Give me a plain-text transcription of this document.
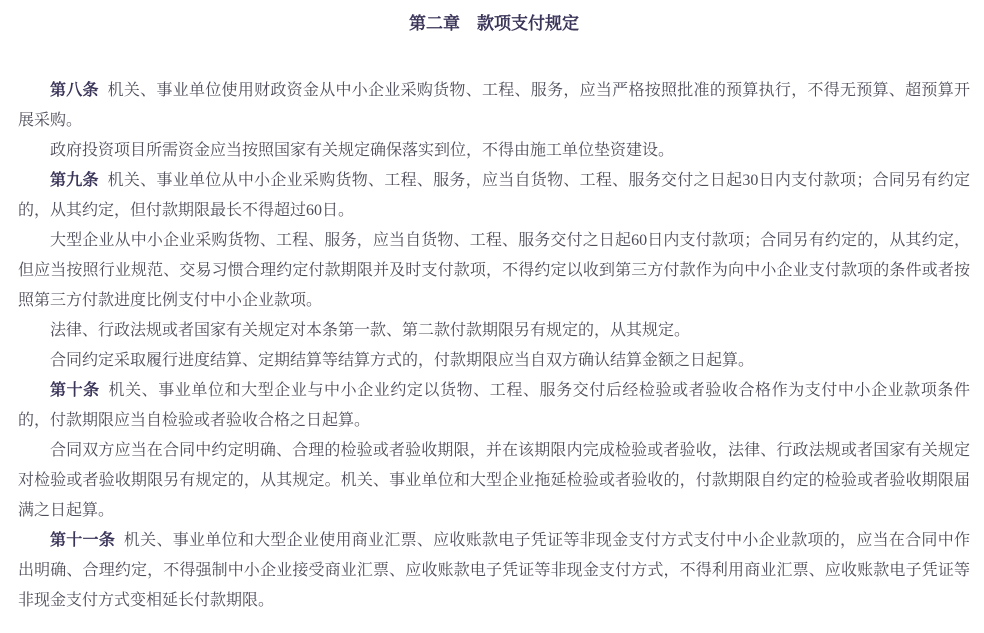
第二章　款项支付规定

第八条 机关、事业单位使用财政资金从中小企业采购货物、工程、服务，应当严格按照批准的预算执行，不得无预算、超预算开展采购。

政府投资项目所需资金应当按照国家有关规定确保落实到位，不得由施工单位垫资建设。

第九条 机关、事业单位从中小企业采购货物、工程、服务，应当自货物、工程、服务交付之日起30日内支付款项；合同另有约定的，从其约定，但付款期限最长不得超过60日。

大型企业从中小企业采购货物、工程、服务，应当自货物、工程、服务交付之日起60日内支付款项；合同另有约定的，从其约定，但应当按照行业规范、交易习惯合理约定付款期限并及时支付款项，不得约定以收到第三方付款作为向中小企业支付款项的条件或者按照第三方付款进度比例支付中小企业款项。

法律、行政法规或者国家有关规定对本条第一款、第二款付款期限另有规定的，从其规定。

合同约定采取履行进度结算、定期结算等结算方式的，付款期限应当自双方确认结算金额之日起算。

第十条 机关、事业单位和大型企业与中小企业约定以货物、工程、服务交付后经检验或者验收合格作为支付中小企业款项条件的，付款期限应当自检验或者验收合格之日起算。

合同双方应当在合同中约定明确、合理的检验或者验收期限，并在该期限内完成检验或者验收，法律、行政法规或者国家有关规定对检验或者验收期限另有规定的，从其规定。机关、事业单位和大型企业拖延检验或者验收的，付款期限自约定的检验或者验收期限届满之日起算。

第十一条 机关、事业单位和大型企业使用商业汇票、应收账款电子凭证等非现金支付方式支付中小企业款项的，应当在合同中作出明确、合理约定，不得强制中小企业接受商业汇票、应收账款电子凭证等非现金支付方式，不得利用商业汇票、应收账款电子凭证等非现金支付方式变相延长付款期限。
